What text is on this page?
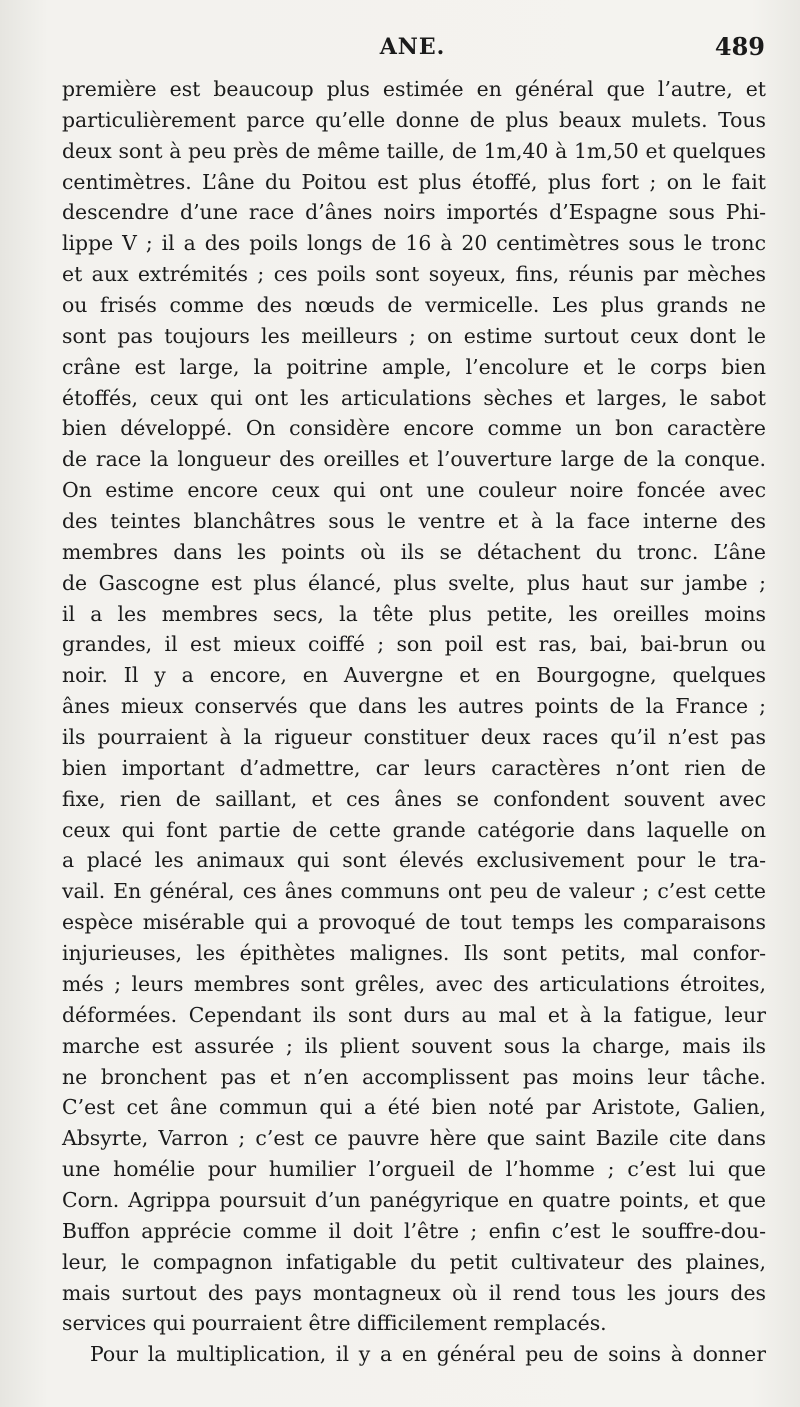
ANE.	489
première est beaucoup plus estimée en général que l’autre, et
particulièrement parce qu’elle donne de plus beaux mulets. Tous
deux sont à peu près de même taille, de 1m,40 à 1m,50 et quelques
centimètres. L’âne du Poitou est plus étoffé, plus fort ; on le fait
descendre d’une race d’ânes noirs importés d’Espagne sous Phi-
lippe V ; il a des poils longs de 16 à 20 centimètres sous le tronc
et aux extrémités ; ces poils sont soyeux, fins, réunis par mèches
ou frisés comme des nœuds de vermicelle. Les plus grands ne
sont pas toujours les meilleurs ; on estime surtout ceux dont le
crâne est large, la poitrine ample, l’encolure et le corps bien
étoffés, ceux qui ont les articulations sèches et larges, le sabot
bien développé. On considère encore comme un bon caractère
de race la longueur des oreilles et l’ouverture large de la conque.
On estime encore ceux qui ont une couleur noire foncée avec
des teintes blanchâtres sous le ventre et à la face interne des
membres dans les points où ils se détachent du tronc. L’âne
de Gascogne est plus élancé, plus svelte, plus haut sur jambe ;
il a les membres secs, la tête plus petite, les oreilles moins
grandes, il est mieux coiffé ; son poil est ras, bai, bai-brun ou
noir. Il y a encore, en Auvergne et en Bourgogne, quelques
ânes mieux conservés que dans les autres points de la France ;
ils pourraient à la rigueur constituer deux races qu’il n’est pas
bien important d’admettre, car leurs caractères n’ont rien de
fixe, rien de saillant, et ces ânes se confondent souvent avec
ceux qui font partie de cette grande catégorie dans laquelle on
a placé les animaux qui sont élevés exclusivement pour le tra-
vail. En général, ces ânes communs ont peu de valeur ; c’est cette
espèce misérable qui a provoqué de tout temps les comparaisons
injurieuses, les épithètes malignes. Ils sont petits, mal confor-
més ; leurs membres sont grêles, avec des articulations étroites,
déformées. Cependant ils sont durs au mal et à la fatigue, leur
marche est assurée ; ils plient souvent sous la charge, mais ils
ne bronchent pas et n’en accomplissent pas moins leur tâche.
C’est cet âne commun qui a été bien noté par Aristote, Galien,
Absyrte, Varron ; c’est ce pauvre hère que saint Bazile cite dans
une homélie pour humilier l’orgueil de l’homme ; c’est lui que
Corn. Agrippa poursuit d’un panégyrique en quatre points, et que
Buffon apprécie comme il doit l’être ; enfin c’est le souffre-dou-
leur, le compagnon infatigable du petit cultivateur des plaines,
mais surtout des pays montagneux où il rend tous les jours des
services qui pourraient être difficilement remplacés.
Pour la multiplication, il y a en général peu de soins à donner
